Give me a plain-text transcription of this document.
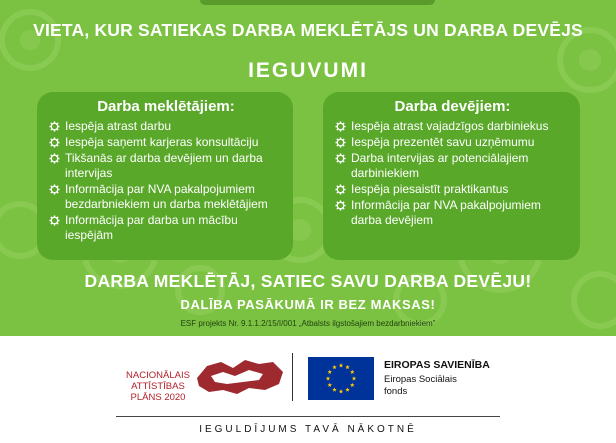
VIETA, KUR SATIEKAS DARBA MEKLĒTĀJS UN DARBA DEVĒJS
IEGUVUMI
Darba meklētājiem:
Iespēja atrast darbu
Iespēja saņemt karjeras konsultāciju
Tikšanās ar darba devējiem un darba intervijas
Informācija par NVA pakalpojumiem bezdarbniekiem un darba meklētājiem
Informācija par darba un mācību iespējām
Darba devējiem:
Iespēja atrast vajadzīgos darbiniekus
Iespēja prezentēt savu uzņēmumu
Darba intervijas ar potenciālajiem darbiniekiem
Iespēja piesaistīt praktikantus
Informācija par NVA pakalpojumiem darba devējiem
DARBA MEKLĒTĀJ, SATIEC SAVU DARBA DEVĒJU!
DALĪBA PASĀKUMĀ IR BEZ MAKSAS!
ESF projekts Nr. 9.1.1.2/15/I/001 „Atbalsts ilgstošajiem bezdarbniekiem”
NACIONĀLAIS
ATTĪSTĪBAS
PLĀNS 2020
EIROPAS SAVIENĪBA
Eiropas Sociālais
fonds
IEGULDĪJUMS TAVĀ NĀKOTNĒ
